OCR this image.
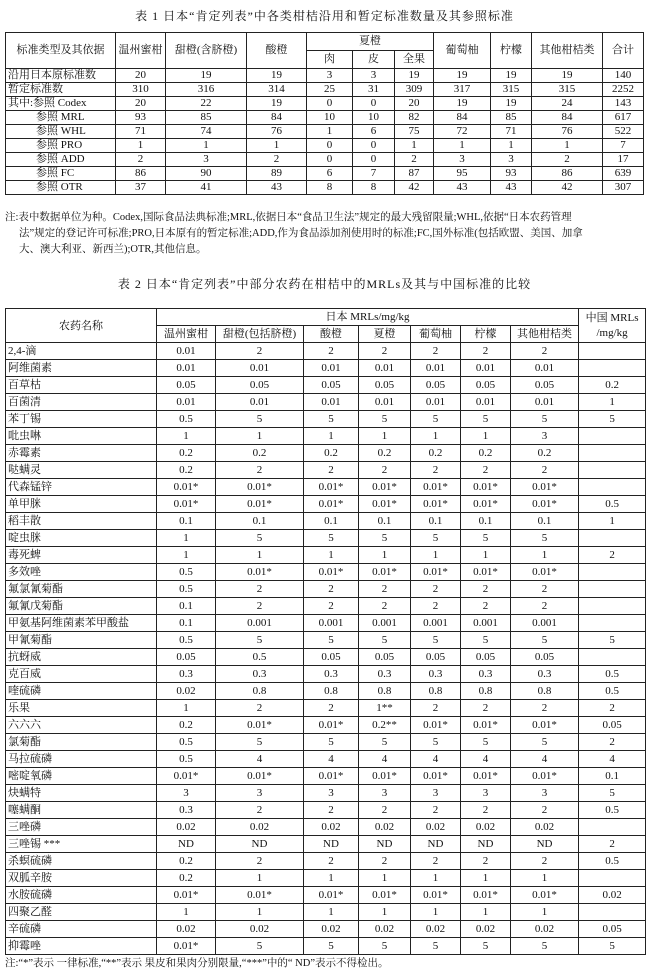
表 1 日本“肯定列表”中各类柑桔沿用和暂定标准数量及其参照标准
标准类型及其依据	温州蜜柑	甜橙(含脐橙)	酸橙	夏橙			葡萄柚	柠檬	其他柑桔类	合计
				肉	皮	全果				
沿用日本原标准数	20	19	19	3	3	19	19	19	19	140
暂定标准数	310	316	314	25	31	309	317	315	315	2252
其中:参照 Codex	20	22	19	0	0	20	19	19	24	143
参照 MRL	93	85	84	10	10	82	84	85	84	617
参照 WHL	71	74	76	1	6	75	72	71	76	522
参照 PRO	1	1	1	0	0	1	1	1	1	7
参照 ADD	2	3	2	0	0	2	3	3	2	17
参照 FC	86	90	89	6	7	87	95	93	86	639
参照 OTR	37	41	43	8	8	42	43	43	42	307
注:表中数据单位为种。Codex,国际食品法典标准;MRL,依据日本“食品卫生法”规定的最大残留限量;WHL,依据“日本农药管理
法”规定的登记许可标准;PRO,日本原有的暂定标准;ADD,作为食品添加剂使用时的标准;FC,国外标准(包括欧盟、美国、加拿
大、澳大利亚、新西兰);OTR,其他信息。
表 2 日本“肯定列表”中部分农药在柑桔中的MRLs及其与中国标准的比较
农药名称	日本 MRLs/mg/kg							中国 MRLs /mg/kg
	温州蜜柑	甜橙(包括脐橙)	酸橙	夏橙	葡萄柚	柠檬	其他柑桔类	
2,4-滴	0.01	2	2	2	2	2	2	
阿维菌素	0.01	0.01	0.01	0.01	0.01	0.01	0.01	
百草枯	0.05	0.05	0.05	0.05	0.05	0.05	0.05	0.2
百菌清	0.01	0.01	0.01	0.01	0.01	0.01	0.01	1
苯丁锡	0.5	5	5	5	5	5	5	5
吡虫啉	1	1	1	1	1	1	3	
赤霉素	0.2	0.2	0.2	0.2	0.2	0.2	0.2	
哒螨灵	0.2	2	2	2	2	2	2	
代森锰锌	0.01*	0.01*	0.01*	0.01*	0.01*	0.01*	0.01*	
单甲脒	0.01*	0.01*	0.01*	0.01*	0.01*	0.01*	0.01*	0.5
稻丰散	0.1	0.1	0.1	0.1	0.1	0.1	0.1	1
啶虫脒	1	5	5	5	5	5	5	
毒死蜱	1	1	1	1	1	1	1	2
多效唑	0.5	0.01*	0.01*	0.01*	0.01*	0.01*	0.01*	
氟氯氰菊酯	0.5	2	2	2	2	2	2	
氟氰戊菊酯	0.1	2	2	2	2	2	2	
甲氨基阿维菌素苯甲酸盐	0.1	0.001	0.001	0.001	0.001	0.001	0.001	
甲氰菊酯	0.5	5	5	5	5	5	5	5
抗蚜威	0.05	0.5	0.05	0.05	0.05	0.05	0.05	
克百威	0.3	0.3	0.3	0.3	0.3	0.3	0.3	0.5
喹硫磷	0.02	0.8	0.8	0.8	0.8	0.8	0.8	0.5
乐果	1	2	2	1**	2	2	2	2
六六六	0.2	0.01*	0.01*	0.2**	0.01*	0.01*	0.01*	0.05
氯菊酯	0.5	5	5	5	5	5	5	2
马拉硫磷	0.5	4	4	4	4	4	4	4
嘧啶氧磷	0.01*	0.01*	0.01*	0.01*	0.01*	0.01*	0.01*	0.1
炔螨特	3	3	3	3	3	3	3	5
噻螨酮	0.3	2	2	2	2	2	2	0.5
三唑磷	0.02	0.02	0.02	0.02	0.02	0.02	0.02	
三唑锡 ***	ND	ND	ND	ND	ND	ND	ND	2
杀螟硫磷	0.2	2	2	2	2	2	2	0.5
双胍辛胺	0.2	1	1	1	1	1	1	
水胺硫磷	0.01*	0.01*	0.01*	0.01*	0.01*	0.01*	0.01*	0.02
四聚乙醛	1	1	1	1	1	1	1	
辛硫磷	0.02	0.02	0.02	0.02	0.02	0.02	0.02	0.05
抑霉唑	0.01*	5	5	5	5	5	5	5
注:“*”表示 一律标准,“**”表示 果皮和果肉分别限量,“***”中的“ ND”表示不得检出。
